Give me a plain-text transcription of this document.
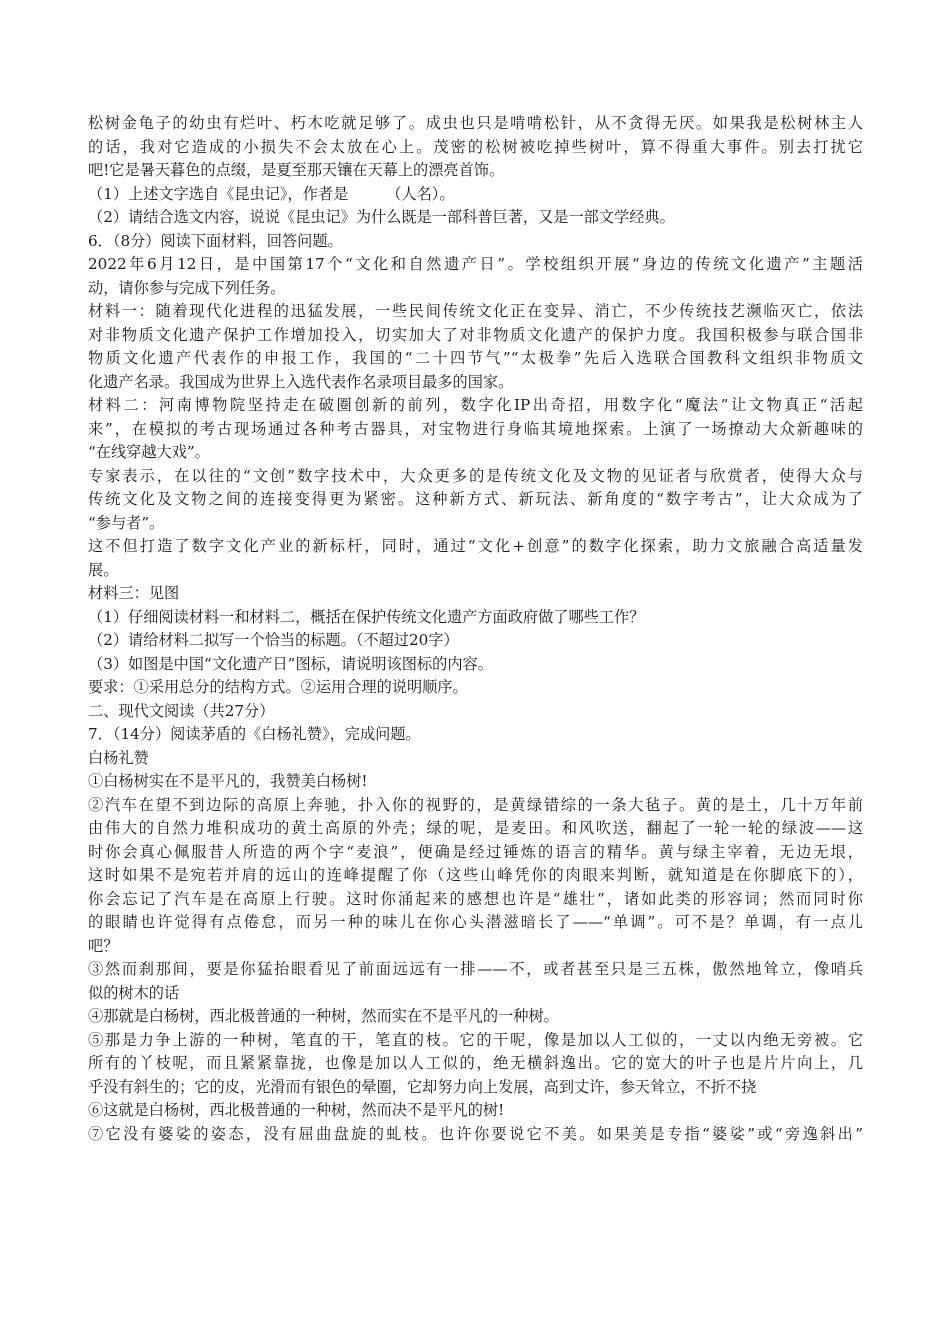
松树金龟子的幼虫有烂叶、朽木吃就足够了。成虫也只是啃啃松针，从不贪得无厌。如果我是松树林主人
的话，我对它造成的小损失不会太放在心上。茂密的松树被吃掉些树叶，算不得重大事件。别去打扰它
吧!它是暑天暮色的点缀，是夏至那天镶在天幕上的漂亮首饰。
（1）上述文字选自《昆虫记》，作者是　　　（人名）。
（2）请结合选文内容，说说《昆虫记》为什么既是一部科普巨著，又是一部文学经典。
6．（8分）阅读下面材料，回答问题。
2022年6月12日，是中国第17个“文化和自然遗产日”。学校组织开展“身边的传统文化遗产”主题活
动，请你参与完成下列任务。
材料一：随着现代化进程的迅猛发展，一些民间传统文化正在变异、消亡，不少传统技艺濒临灭亡，依法
对非物质文化遗产保护工作增加投入，切实加大了对非物质文化遗产的保护力度。我国积极参与联合国非
物质文化遗产代表作的申报工作，我国的“二十四节气”“太极拳”先后入选联合国教科文组织非物质文
化遗产名录。我国成为世界上入选代表作名录项目最多的国家。
材料二：河南博物院坚持走在破圈创新的前列，数字化IP出奇招，用数字化“魔法”让文物真正“活起
来”，在模拟的考古现场通过各种考古器具，对宝物进行身临其境地探索。上演了一场撩动大众新趣味的
“在线穿越大戏”。
专家表示，在以往的“文创”数字技术中，大众更多的是传统文化及文物的见证者与欣赏者，使得大众与
传统文化及文物之间的连接变得更为紧密。这种新方式、新玩法、新角度的“数字考古”，让大众成为了
“参与者”。
这不但打造了数字文化产业的新标杆，同时，通过“文化+创意”的数字化探索，助力文旅融合高适量发
展。
材料三：见图
（1）仔细阅读材料一和材料二，概括在保护传统文化遗产方面政府做了哪些工作？
（2）请给材料二拟写一个恰当的标题。（不超过20字）
（3）如图是中国“文化遗产日”图标，请说明该图标的内容。
要求：①采用总分的结构方式。②运用合理的说明顺序。
二、现代文阅读（共27分）
7．（14分）阅读茅盾的《白杨礼赞》，完成问题。
白杨礼赞
①白杨树实在不是平凡的，我赞美白杨树!
②汽车在望不到边际的高原上奔驰，扑入你的视野的，是黄绿错综的一条大毡子。黄的是土，几十万年前
由伟大的自然力堆积成功的黄土高原的外壳；绿的呢，是麦田。和风吹送，翻起了一轮一轮的绿波——这
时你会真心佩服昔人所造的两个字“麦浪”，便确是经过锤炼的语言的精华。黄与绿主宰着，无边无垠，
这时如果不是宛若并肩的远山的连峰提醒了你（这些山峰凭你的肉眼来判断，就知道是在你脚底下的），
你会忘记了汽车是在高原上行驶。这时你涌起来的感想也许是“雄壮”，诸如此类的形容词；然而同时你
的眼睛也许觉得有点倦怠，而另一种的味儿在你心头潜滋暗长了——“单调”。可不是？单调，有一点儿
吧？
③然而刹那间，要是你猛抬眼看见了前面远远有一排——不，或者甚至只是三五株，傲然地耸立，像哨兵
似的树木的话
④那就是白杨树，西北极普通的一种树，然而实在不是平凡的一种树。
⑤那是力争上游的一种树，笔直的干，笔直的枝。它的干呢，像是加以人工似的，一丈以内绝无旁被。它
所有的丫枝呢，而且紧紧靠拢，也像是加以人工似的，绝无横斜逸出。它的宽大的叶子也是片片向上，几
乎没有斜生的；它的皮，光滑而有银色的晕圈，它却努力向上发展，高到丈许，参天耸立，不折不挠
⑥这就是白杨树，西北极普通的一种树，然而决不是平凡的树!
⑦它没有婆娑的姿态，没有屈曲盘旋的虬枝。也许你要说它不美。如果美是专指“婆娑”或“旁逸斜出”
